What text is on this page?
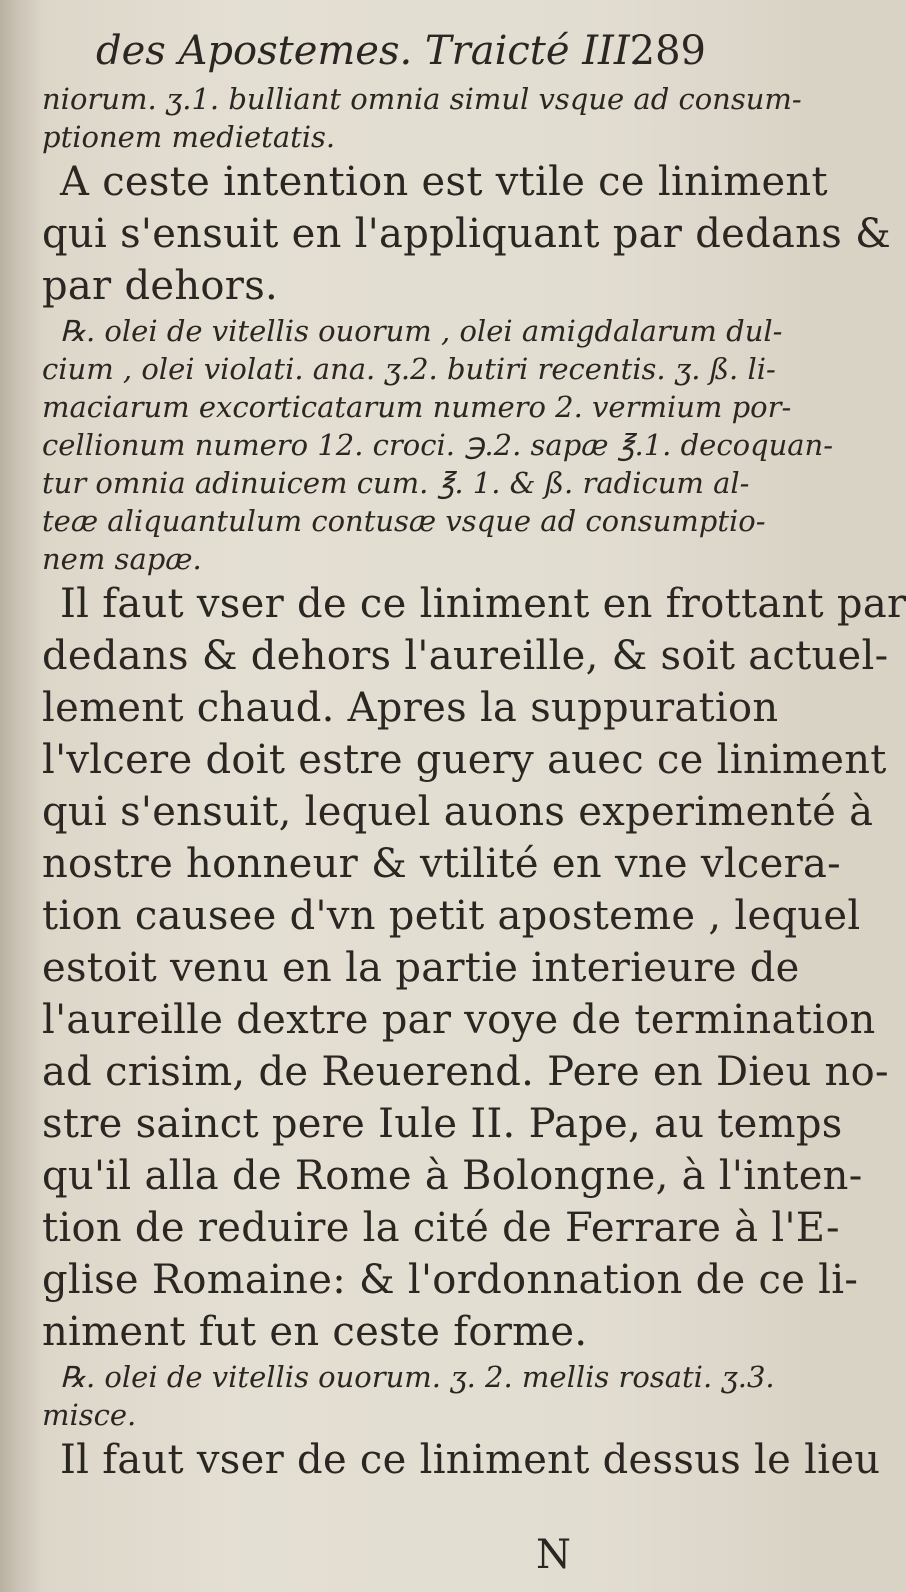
des Apostemes. Traicté III.
289
niorum. ʒ.1. bulliant omnia simul vsque ad consum-
ptionem medietatis.
A ceste intention est vtile ce liniment
qui s'ensuit en l'appliquant par dedans &
par dehors.
℞. olei de vitellis ouorum , olei amigdalarum dul-
cium , olei violati. ana. ʒ.2. butiri recentis. ʒ. ß. li-
maciarum excorticatarum numero 2. vermium por-
cellionum numero 12. croci. ℈.2. sapæ ℥.1. decoquan-
tur omnia adinuicem cum. ℥. 1. & ß. radicum al-
teæ aliquantulum contusæ vsque ad consumptio-
nem sapæ.
Il faut vser de ce liniment en frottant par
dedans & dehors l'aureille, & soit actuel-
lement chaud. Apres la suppuration
l'vlcere doit estre guery auec ce liniment
qui s'ensuit, lequel auons experimenté à
nostre honneur & vtilité en vne vlcera-
tion causee d'vn petit aposteme , lequel
estoit venu en la partie interieure de
l'aureille dextre par voye de termination
ad crisim, de Reuerend. Pere en Dieu no-
stre sainct pere Iule II. Pape, au temps
qu'il alla de Rome à Bolongne, à l'inten-
tion de reduire la cité de Ferrare à l'E-
glise Romaine: & l'ordonnation de ce li-
niment fut en ceste forme.
℞. olei de vitellis ouorum. ʒ. 2. mellis rosati. ʒ.3.
misce.
Il faut vser de ce liniment dessus le lieu
N
